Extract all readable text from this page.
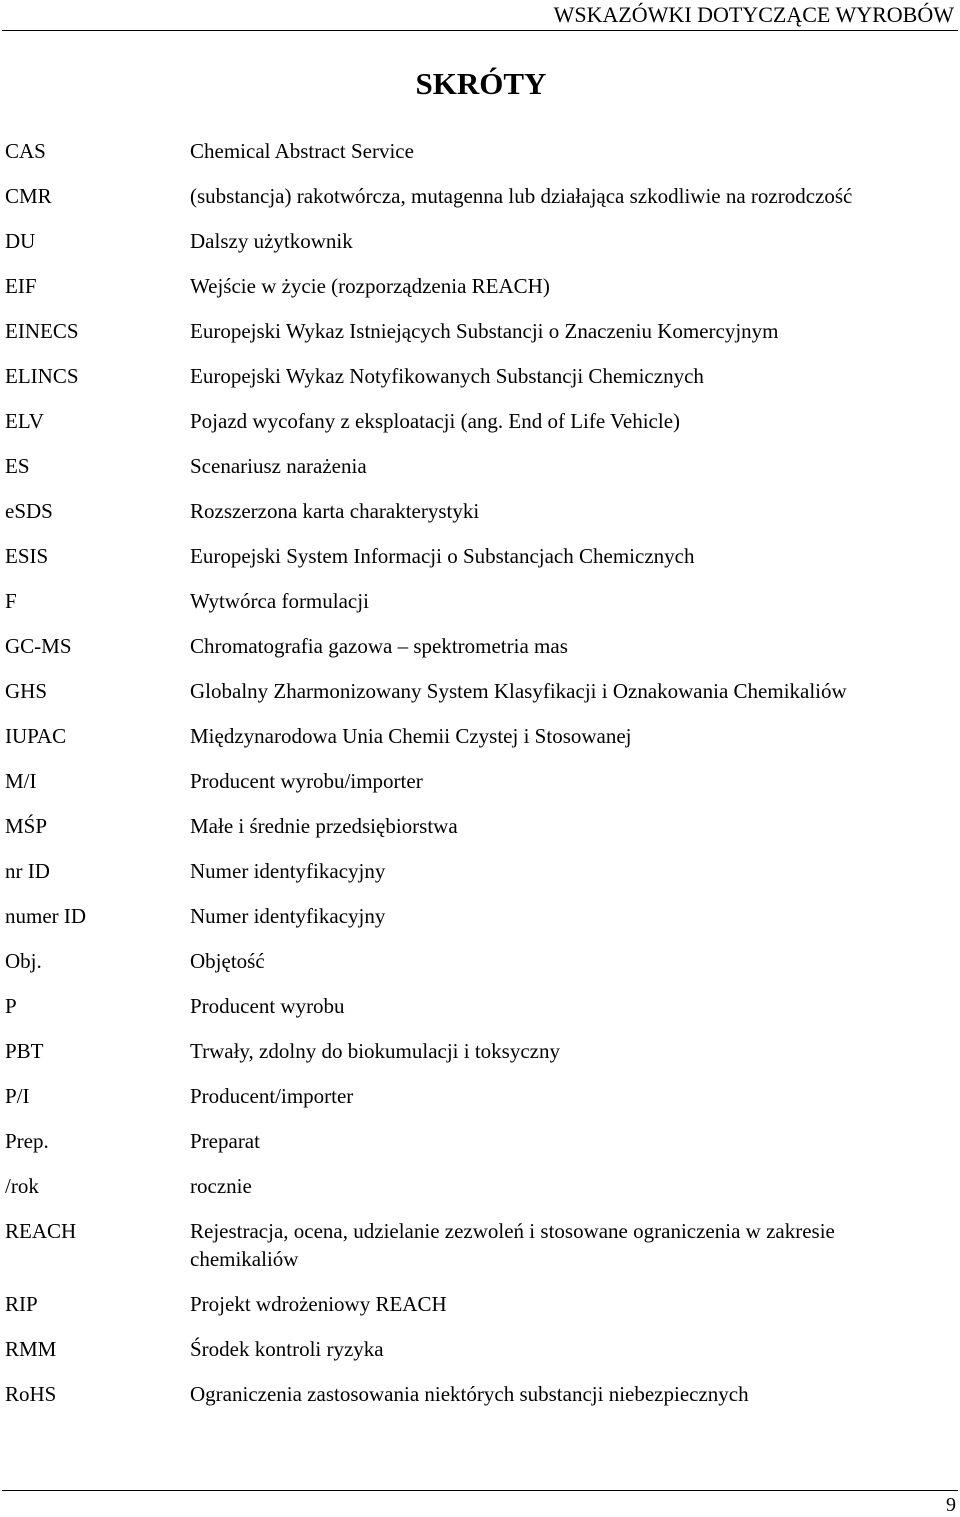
WSKAZÓWKI DOTYCZĄCE WYROBÓW
SKRÓTY
CAS	Chemical Abstract Service
CMR	(substancja) rakotwórcza, mutagenna lub działająca szkodliwie na rozrodczość
DU	Dalszy użytkownik
EIF	Wejście w życie (rozporządzenia REACH)
EINECS	Europejski Wykaz Istniejących Substancji o Znaczeniu Komercyjnym
ELINCS	Europejski Wykaz Notyfikowanych Substancji Chemicznych
ELV	Pojazd wycofany z eksploatacji (ang. End of Life Vehicle)
ES	Scenariusz narażenia
eSDS	Rozszerzona karta charakterystyki
ESIS	Europejski System Informacji o Substancjach Chemicznych
F	Wytwórca formulacji
GC-MS	Chromatografia gazowa – spektrometria mas
GHS	Globalny Zharmonizowany System Klasyfikacji i Oznakowania Chemikaliów
IUPAC	Międzynarodowa Unia Chemii Czystej i Stosowanej
M/I	Producent wyrobu/importer
MŚP	Małe i średnie przedsiębiorstwa
nr ID	Numer identyfikacyjny
numer ID	Numer identyfikacyjny
Obj.	Objętość
P	Producent wyrobu
PBT	Trwały, zdolny do biokumulacji i toksyczny
P/I	Producent/importer
Prep.	Preparat
/rok	rocznie
REACH	Rejestracja, ocena, udzielanie zezwoleń i stosowane ograniczenia w zakresie chemikaliów
RIP	Projekt wdrożeniowy REACH
RMM	Środek kontroli ryzyka
RoHS	Ograniczenia zastosowania niektórych substancji niebezpiecznych
9
